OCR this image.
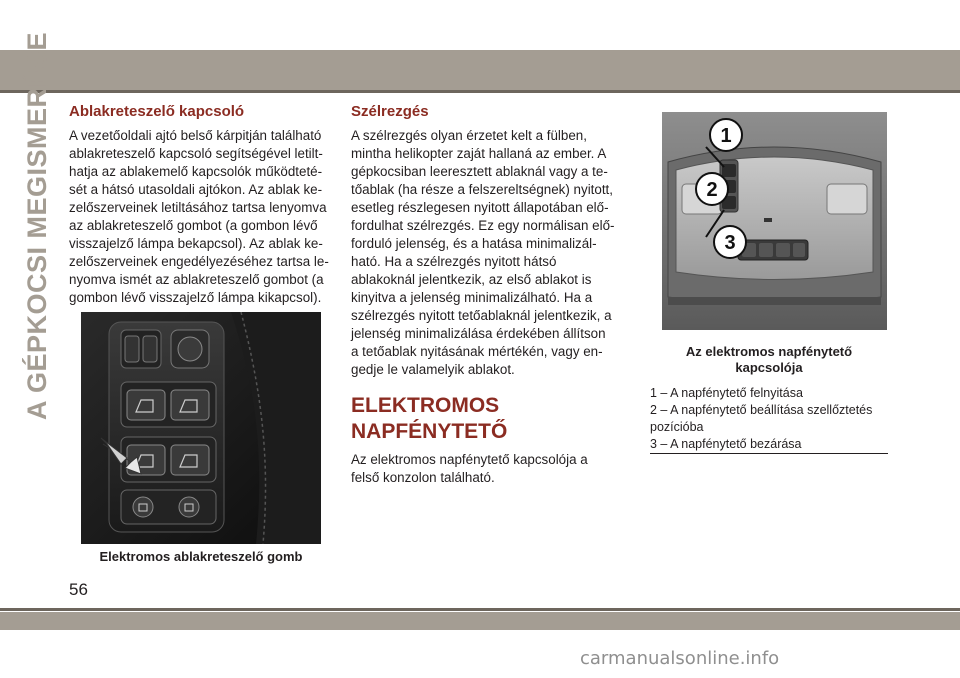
A GÉPKOCSI MEGISMERÉSE Ablakreteszelő kapcsoló
A vezetőoldali ajtó belső kárpitján található
ablakreteszelő kapcsoló segítségével letilt-
hatja az ablakemelő kapcsolók működteté-
sét a hátsó utasoldali ajtókon. Az ablak ke-
zelőszerveinek letiltásához tartsa lenyomva
az ablakreteszelő gombot (a gombon lévő
visszajelző lámpa bekapcsol). Az ablak ke-
zelőszerveinek engedélyezéséhez tartsa le-
nyomva ismét az ablakreteszelő gombot (a
gombon lévő visszajelző lámpa kikapcsol).
Elektromos ablakreteszelő gomb
Szélrezgés
A szélrezgés olyan érzetet kelt a fülben,
mintha helikopter zaját hallaná az ember. A
gépkocsiban leeresztett ablaknál vagy a te-
tőablak (ha része a felszereltségnek) nyitott,
esetleg részlegesen nyitott állapotában elő-
fordulhat szélrezgés. Ez egy normálisan elő-
forduló jelenség, és a hatása minimalizál-
ható. Ha a szélrezgés nyitott hátsó
ablakoknál jelentkezik, az első ablakot is
kinyitva a jelenség minimalizálható. Ha a
szélrezgés nyitott tetőablaknál jelentkezik, a
jelenség minimalizálása érdekében állítson
a tetőablak nyitásának mértékén, vagy en-
gedje le valamelyik ablakot.
ELEKTROMOS
NAPFÉNYTETŐ
Az elektromos napfénytető kapcsolója a
felső konzolon található.
1
2
3
Az elektromos napfénytető
kapcsolója
1 – A napfénytető felnyitása
2 – A napfénytető beállítása szellőztetés
pozícióba
3 – A napfénytető bezárása
56
carmanualsonline.info
